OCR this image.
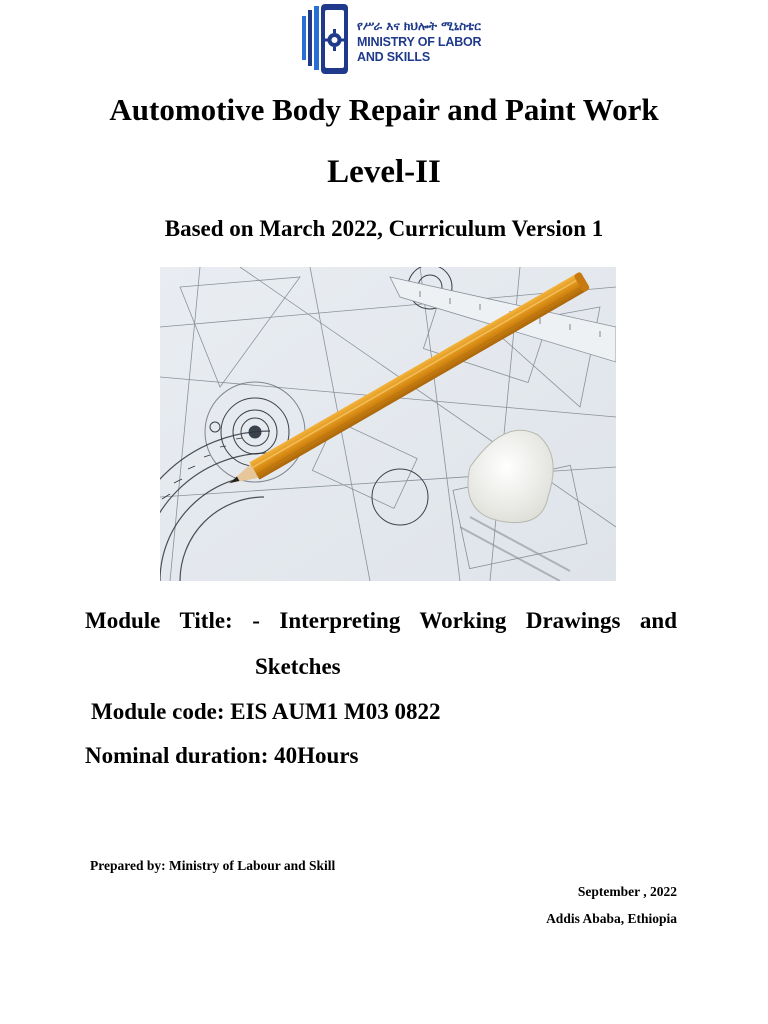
የሥራ እና ክህሎት ሚኒስቴር
MINISTRY OF LABOR
AND SKILLS
Automotive Body Repair and Paint Work
Level-II
Based on March 2022, Curriculum Version 1
Module Title: - Interpreting Working Drawings and
Sketches
Module code: EIS AUM1 M03 0822
Nominal duration: 40Hours
Prepared by: Ministry of Labour and Skill
September , 2022
Addis Ababa, Ethiopia
